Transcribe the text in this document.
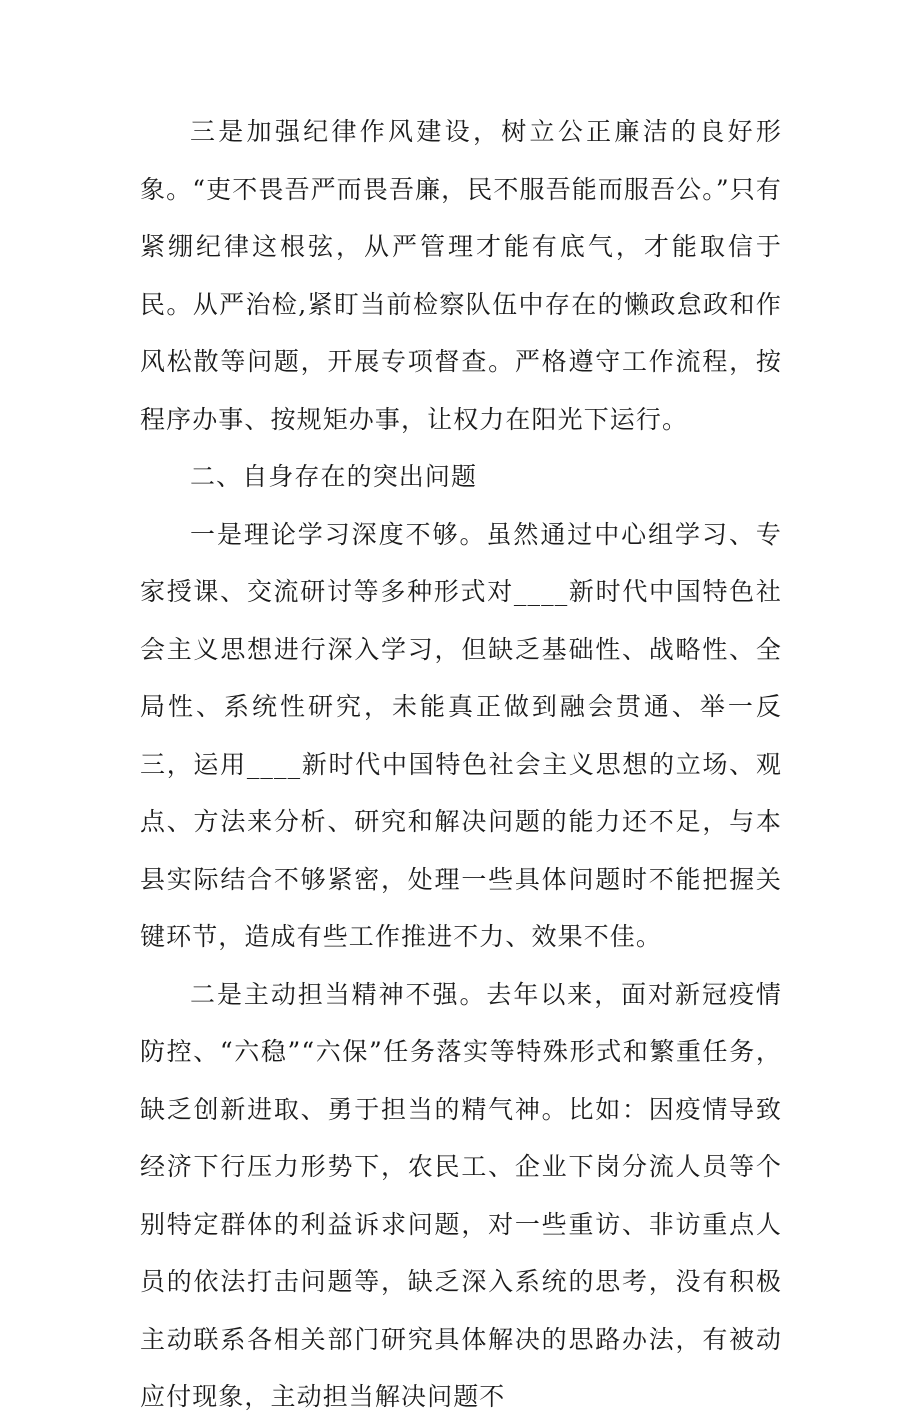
三是加强纪律作风建设，树立公正廉洁的良好形象。“吏不畏吾严而畏吾廉，民不服吾能而服吾公。”只有紧绷纪律这根弦，从严管理才能有底气，才能取信于民。从严治检,紧盯当前检察队伍中存在的懒政怠政和作风松散等问题，开展专项督查。严格遵守工作流程，按程序办事、按规矩办事，让权力在阳光下运行。

二、自身存在的突出问题

一是理论学习深度不够。虽然通过中心组学习、专家授课、交流研讨等多种形式对____新时代中国特色社会主义思想进行深入学习，但缺乏基础性、战略性、全局性、系统性研究，未能真正做到融会贯通、举一反三，运用____新时代中国特色社会主义思想的立场、观点、方法来分析、研究和解决问题的能力还不足，与本县实际结合不够紧密，处理一些具体问题时不能把握关键环节，造成有些工作推进不力、效果不佳。

二是主动担当精神不强。去年以来，面对新冠疫情防控、“六稳”“六保”任务落实等特殊形式和繁重任务，缺乏创新进取、勇于担当的精气神。比如：因疫情导致经济下行压力形势下，农民工、企业下岗分流人员等个别特定群体的利益诉求问题，对一些重访、非访重点人员的依法打击问题等，缺乏深入系统的思考，没有积极主动联系各相关部门研究具体解决的思路办法，有被动应付现象，主动担当解决问题不
